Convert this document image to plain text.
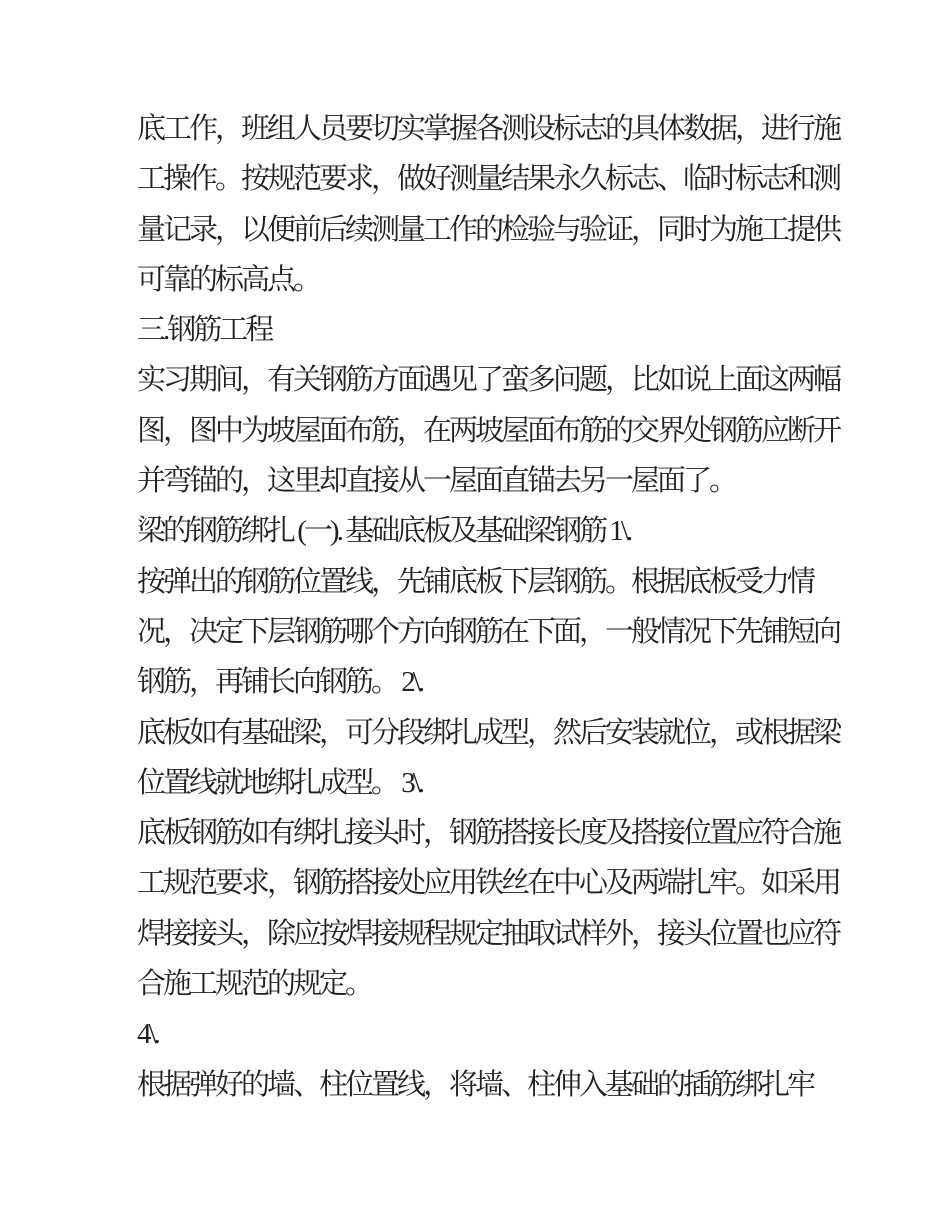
底工作，班组人员要切实掌握各测设标志的具体数据，进行施
工操作。按规范要求，做好测量结果永久标志、临时标志和测
量记录，以便前后续测量工作的检验与验证，同时为施工提供
可靠的标高点。
三.钢筋工程
实习期间，有关钢筋方面遇见了蛮多问题，比如说上面这两幅
图，图中为坡屋面布筋，在两坡屋面布筋的交界处钢筋应断开
并弯锚的，这里却直接从一屋面直锚去另一屋面了。
梁的钢筋绑扎 (一). 基础底板及基础梁钢筋 1\.
按弹出的钢筋位置线，先铺底板下层钢筋。根据底板受力情
况，决定下层钢筋哪个方向钢筋在下面，一般情况下先铺短向
钢筋，再铺长向钢筋。 2\.
底板如有基础梁，可分段绑扎成型，然后安装就位，或根据梁
位置线就地绑扎成型。 3\.
底板钢筋如有绑扎接头时，钢筋搭接长度及搭接位置应符合施
工规范要求，钢筋搭接处应用铁丝在中心及两端扎牢。如采用
焊接接头，除应按焊接规程规定抽取试样外，接头位置也应符
合施工规范的规定。
4\.
根据弹好的墙、柱位置线，将墙、柱伸入基础的插筋绑扎牢
